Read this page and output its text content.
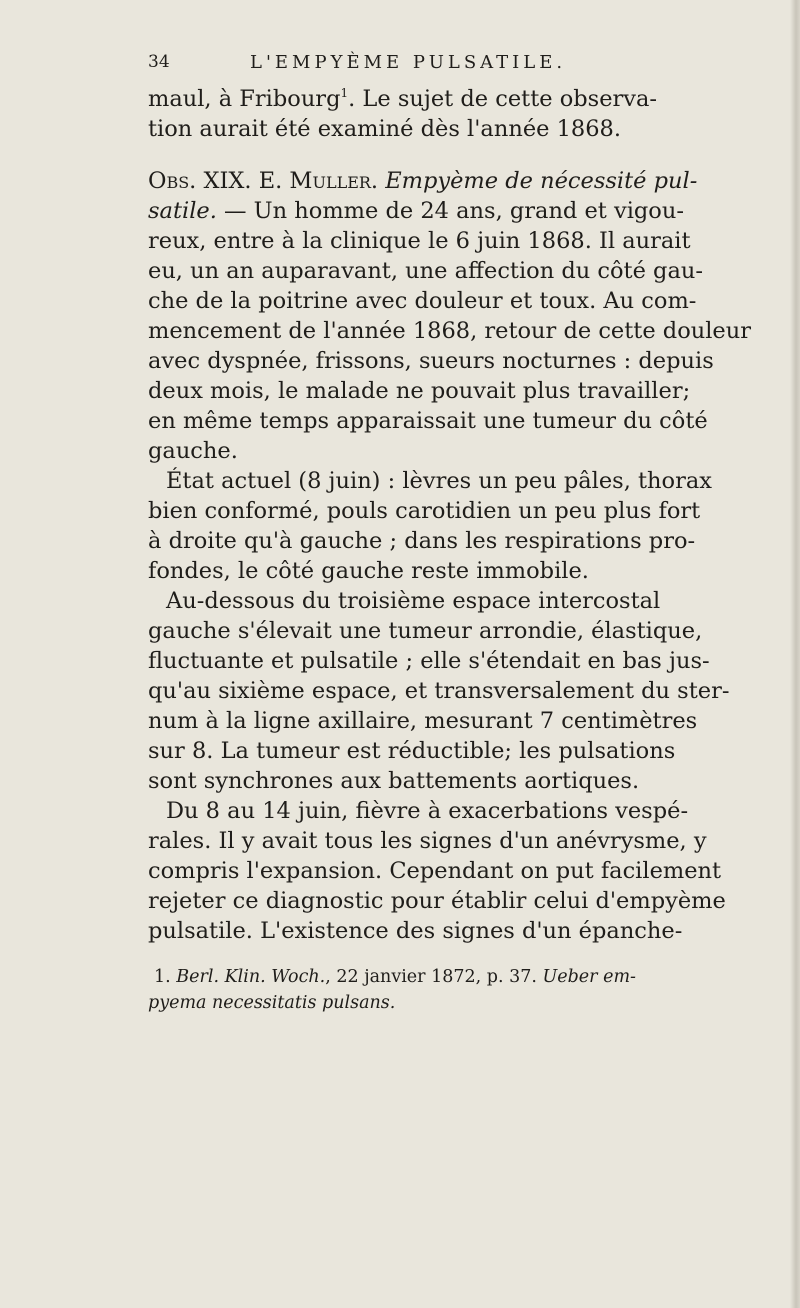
34	L'EMPYÈME PULSATILE.
maul, à Fribourg$^1$. Le sujet de cette observa-
tion aurait été examiné dès l'année 1868.
Obs. XIX. E. Muller. Empyème de nécessité pul-
satile. — Un homme de 24 ans, grand et vigou-
reux, entre à la clinique le 6 juin 1868. Il aurait
eu, un an auparavant, une affection du côté gau-
che de la poitrine avec douleur et toux. Au com-
mencement de l'année 1868, retour de cette douleur
avec dyspnée, frissons, sueurs nocturnes : depuis
deux mois, le malade ne pouvait plus travailler;
en même temps apparaissait une tumeur du côté
gauche.
État actuel (8 juin) : lèvres un peu pâles, thorax
bien conformé, pouls carotidien un peu plus fort
à droite qu'à gauche ; dans les respirations pro-
fondes, le côté gauche reste immobile.
Au-dessous du troisième espace intercostal
gauche s'élevait une tumeur arrondie, élastique,
fluctuante et pulsatile ; elle s'étendait en bas jus-
qu'au sixième espace, et transversalement du ster-
num à la ligne axillaire, mesurant 7 centimètres
sur 8. La tumeur est réductible; les pulsations
sont synchrones aux battements aortiques.
Du 8 au 14 juin, fièvre à exacerbations vespé-
rales. Il y avait tous les signes d'un anévrysme, y
compris l'expansion. Cependant on put facilement
rejeter ce diagnostic pour établir celui d'empyème
pulsatile. L'existence des signes d'un épanche-
1. Berl. Klin. Woch., 22 janvier 1872, p. 37. Ueber em-
pyema necessitatis pulsans.
